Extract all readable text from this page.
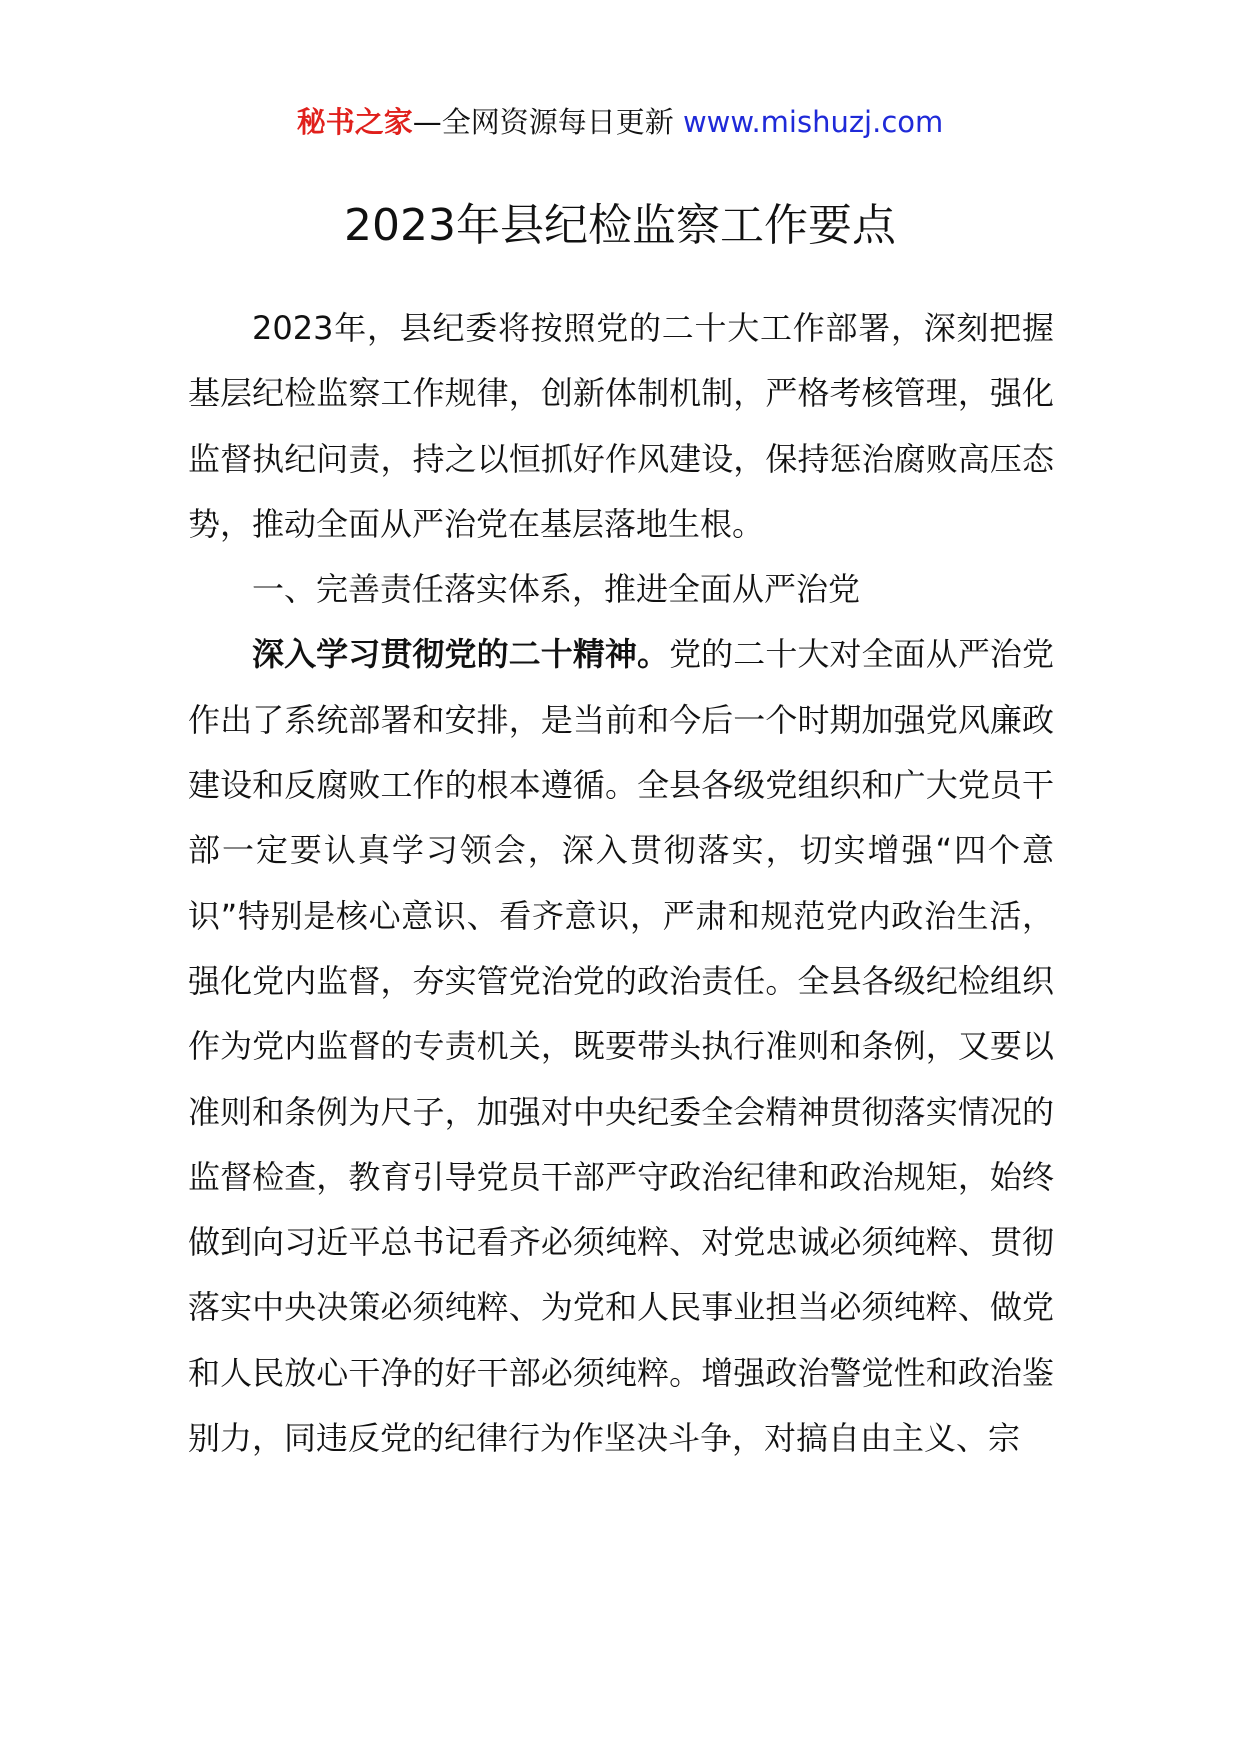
秘书之家—全网资源每日更新 www.mishuzj.com
2023年县纪检监察工作要点

2023年，县纪委将按照党的二十大工作部署，深刻把握基层纪检监察工作规律，创新体制机制，严格考核管理，强化监督执纪问责，持之以恒抓好作风建设，保持惩治腐败高压态势，推动全面从严治党在基层落地生根。

一、完善责任落实体系，推进全面从严治党

深入学习贯彻党的二十精神。党的二十大对全面从严治党作出了系统部署和安排，是当前和今后一个时期加强党风廉政建设和反腐败工作的根本遵循。全县各级党组织和广大党员干部一定要认真学习领会，深入贯彻落实，切实增强“四个意识”特别是核心意识、看齐意识，严肃和规范党内政治生活，强化党内监督，夯实管党治党的政治责任。全县各级纪检组织作为党内监督的专责机关，既要带头执行准则和条例，又要以准则和条例为尺子，加强对中央纪委全会精神贯彻落实情况的监督检查，教育引导党员干部严守政治纪律和政治规矩，始终做到向习近平总书记看齐必须纯粹、对党忠诚必须纯粹、贯彻落实中央决策必须纯粹、为党和人民事业担当必须纯粹、做党和人民放心干净的好干部必须纯粹。增强政治警觉性和政治鉴别力，同违反党的纪律行为作坚决斗争，对搞自由主义、宗
